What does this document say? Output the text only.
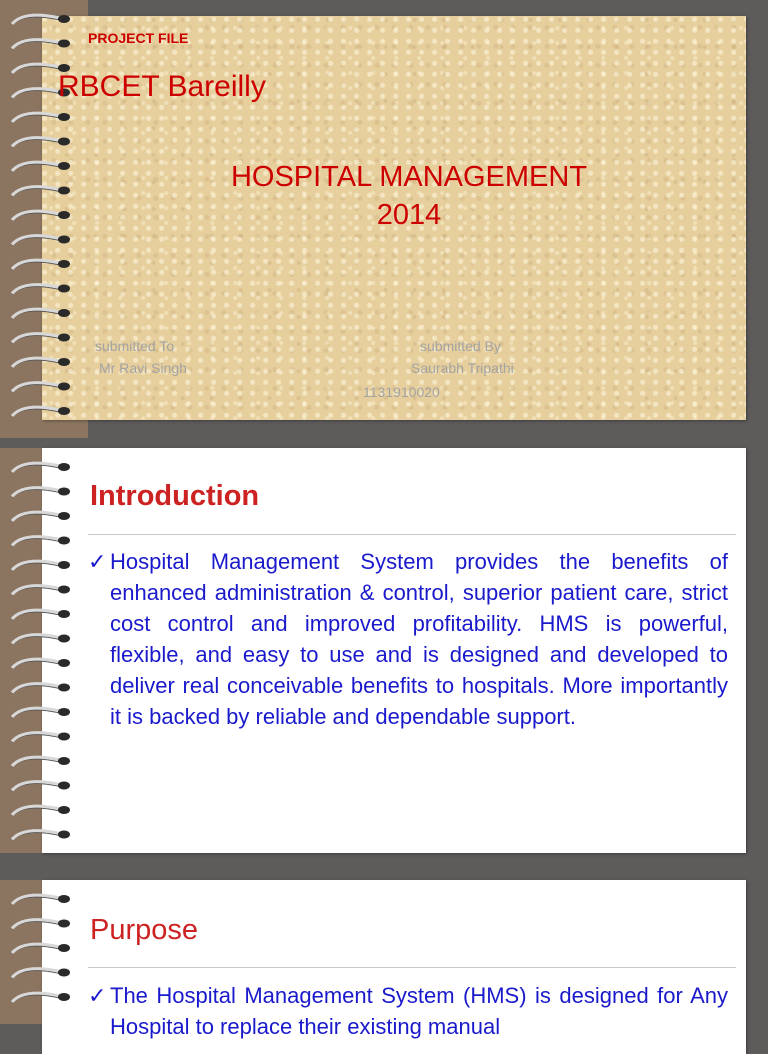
PROJECT FILE
RBCET Bareilly
HOSPITAL MANAGEMENT
2014
submitted To
Mr Ravi Singh
submitted By
Saurabh Tripathi
1131910020
Introduction
✓ Hospital Management System provides the benefits of enhanced administration & control, superior patient care, strict cost control and improved profitability. HMS is powerful, flexible, and easy to use and is designed and developed to deliver real conceivable benefits to hospitals. More importantly it is backed by reliable and dependable support.
Purpose
✓ The Hospital Management System (HMS) is designed for Any Hospital to replace their existing manual
